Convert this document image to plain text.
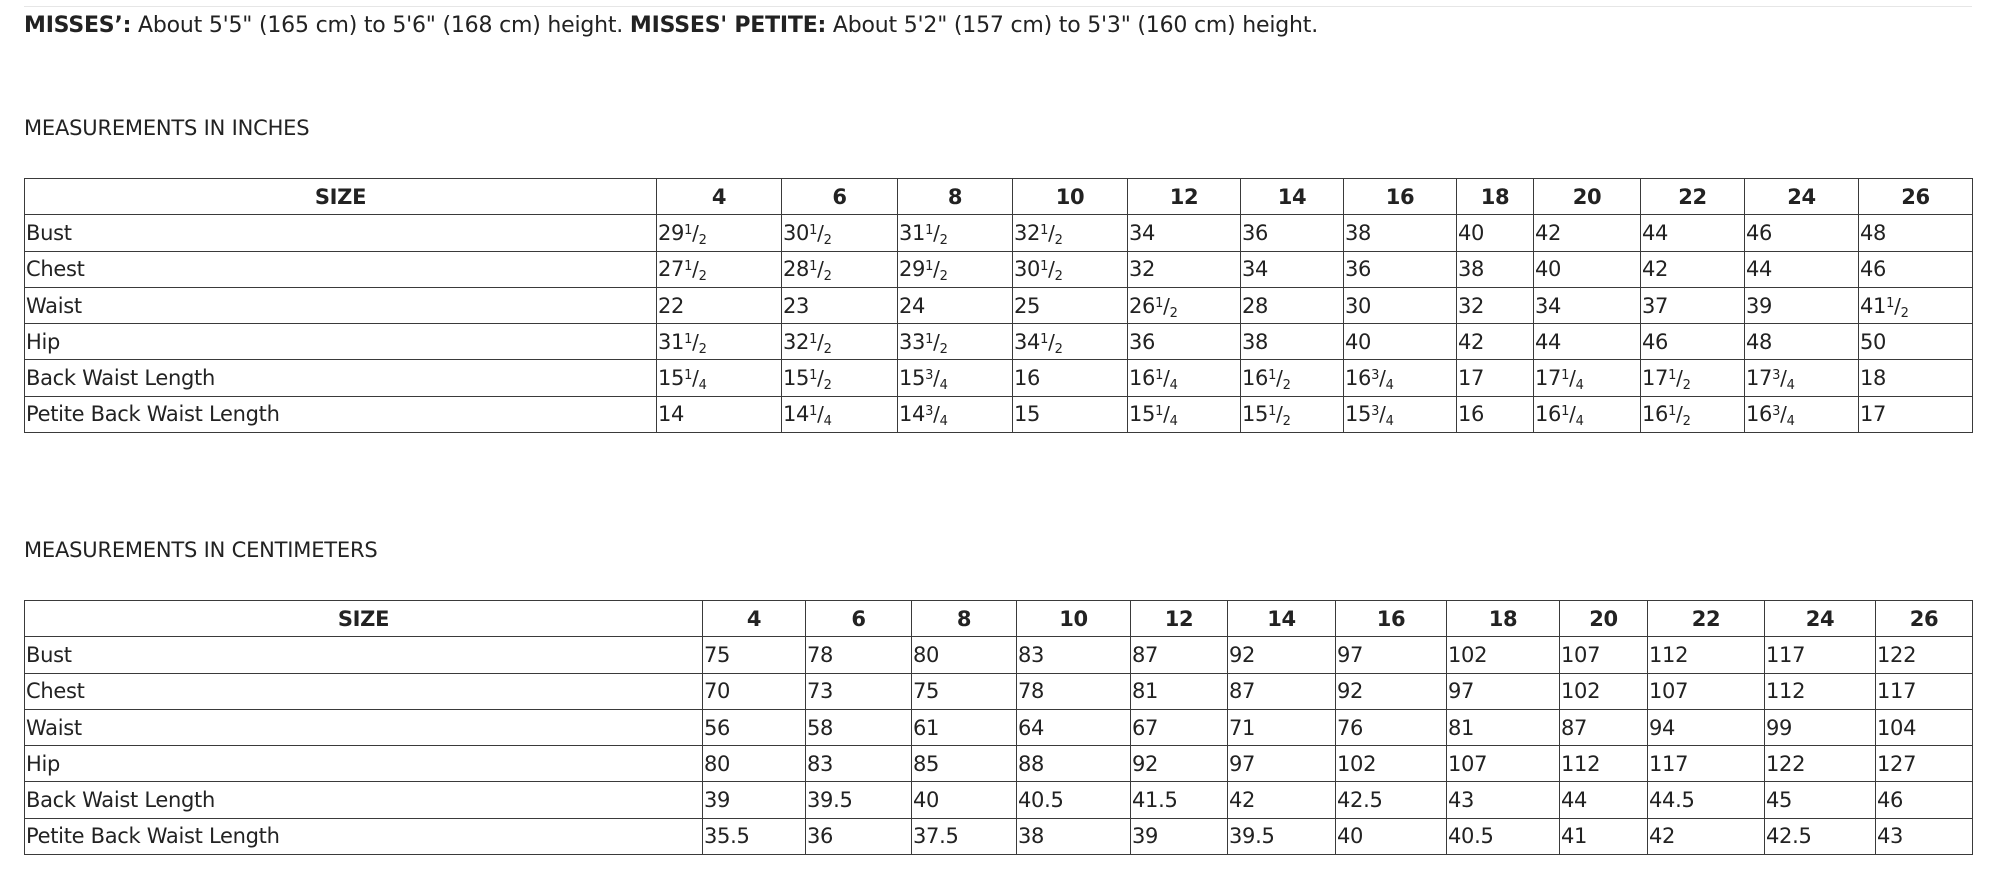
MISSES’: About 5'5" (165 cm) to 5'6" (168 cm) height. MISSES' PETITE: About 5'2" (157 cm) to 5'3" (160 cm) height.
MEASUREMENTS IN INCHES
SIZE	4	6	8	10	12	14	16	18	20	22	24	26
Bust	$29^1/_2$	$30^1/_2$	$31^1/_2$	$32^1/_2$	34	36	38	40	42	44	46	48
Chest	$27^1/_2$	$28^1/_2$	$29^1/_2$	$30^1/_2$	32	34	36	38	40	42	44	46
Waist	22	23	24	25	$26^1/_2$	28	30	32	34	37	39	$41^1/_2$
Hip	$31^1/_2$	$32^1/_2$	$33^1/_2$	$34^1/_2$	36	38	40	42	44	46	48	50
Back Waist Length	$15^1/_4$	$15^1/_2$	$15^3/_4$	16	$16^1/_4$	$16^1/_2$	$16^3/_4$	17	$17^1/_4$	$17^1/_2$	$17^3/_4$	18
Petite Back Waist Length	14	$14^1/_4$	$14^3/_4$	15	$15^1/_4$	$15^1/_2$	$15^3/_4$	16	$16^1/_4$	$16^1/_2$	$16^3/_4$	17
MEASUREMENTS IN CENTIMETERS
SIZE	4	6	8	10	12	14	16	18	20	22	24	26
Bust	75	78	80	83	87	92	97	102	107	112	117	122
Chest	70	73	75	78	81	87	92	97	102	107	112	117
Waist	56	58	61	64	67	71	76	81	87	94	99	104
Hip	80	83	85	88	92	97	102	107	112	117	122	127
Back Waist Length	39	39.5	40	40.5	41.5	42	42.5	43	44	44.5	45	46
Petite Back Waist Length	35.5	36	37.5	38	39	39.5	40	40.5	41	42	42.5	43
